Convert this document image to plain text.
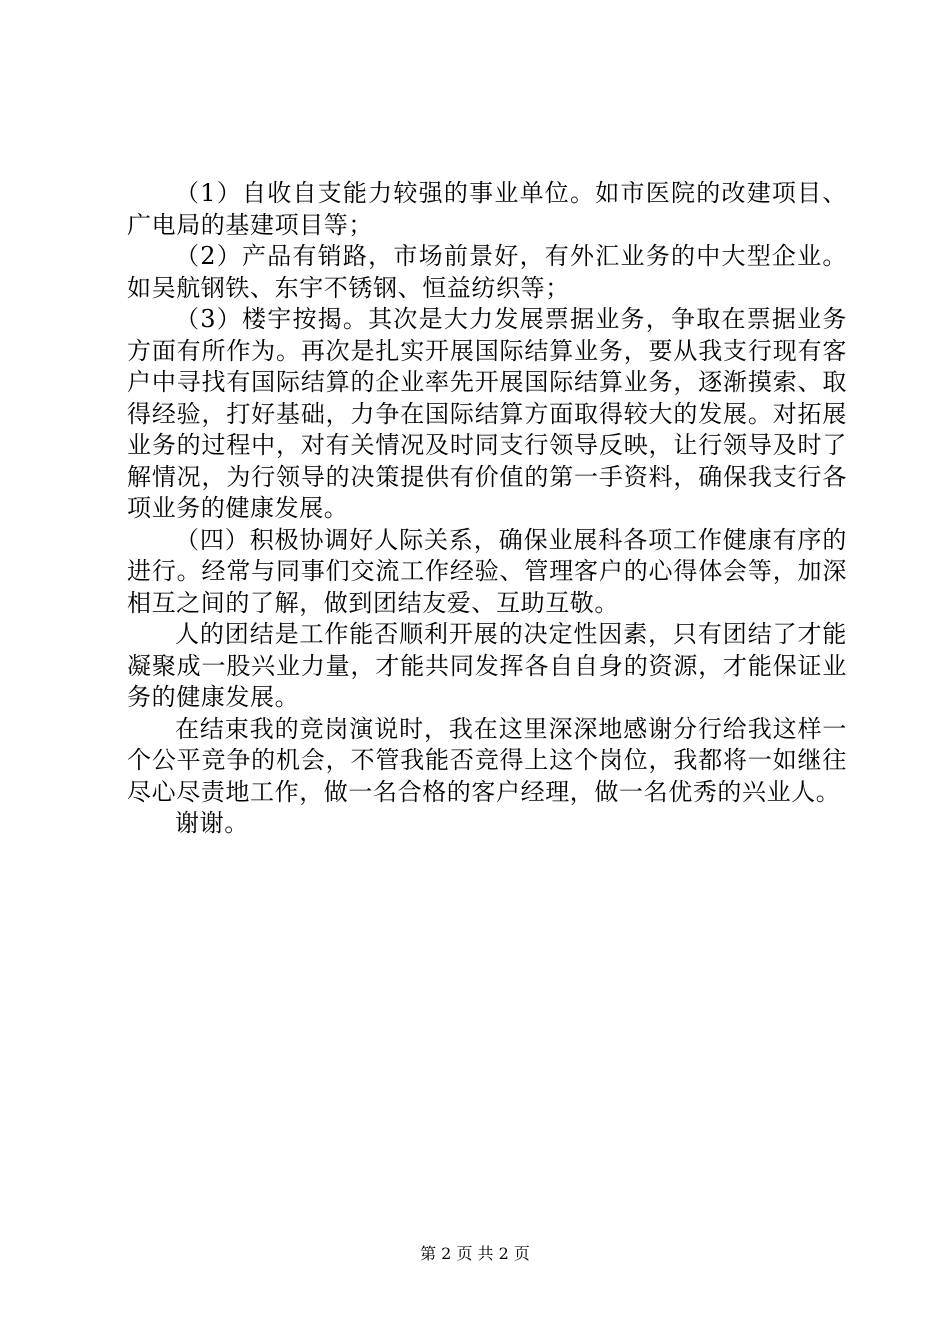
（1）自收自支能力较强的事业单位。如市医院的改建项目、广电局的基建项目等；

（2）产品有销路，市场前景好，有外汇业务的中大型企业。如吴航钢铁、东宇不锈钢、恒益纺织等；

（3）楼宇按揭。其次是大力发展票据业务，争取在票据业务方面有所作为。再次是扎实开展国际结算业务，要从我支行现有客户中寻找有国际结算的企业率先开展国际结算业务，逐渐摸索、取得经验，打好基础，力争在国际结算方面取得较大的发展。对拓展业务的过程中，对有关情况及时同支行领导反映，让行领导及时了解情况，为行领导的决策提供有价值的第一手资料，确保我支行各项业务的健康发展。

（四）积极协调好人际关系，确保业展科各项工作健康有序的进行。经常与同事们交流工作经验、管理客户的心得体会等，加深相互之间的了解，做到团结友爱、互助互敬。

人的团结是工作能否顺利开展的决定性因素，只有团结了才能凝聚成一股兴业力量，才能共同发挥各自自身的资源，才能保证业务的健康发展。

在结束我的竞岗演说时，我在这里深深地感谢分行给我这样一个公平竞争的机会，不管我能否竞得上这个岗位，我都将一如继往尽心尽责地工作，做一名合格的客户经理，做一名优秀的兴业人。

谢谢。

第 2 页 共 2 页
